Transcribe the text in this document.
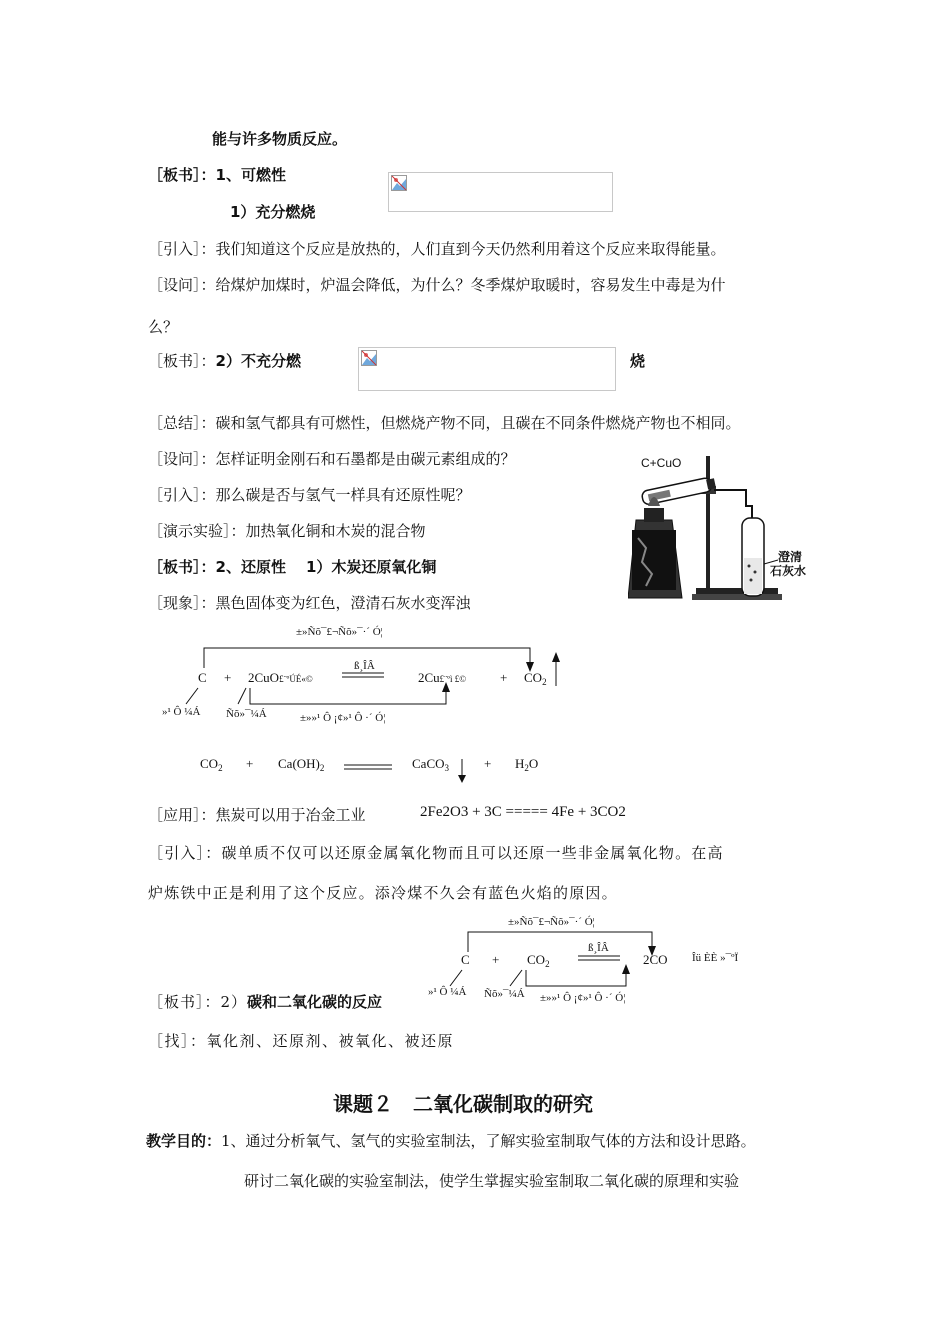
能与许多物质反应。
［板书］：1、可燃性
1）充分燃烧
［引入］：我们知道这个反应是放热的，人们直到今天仍然利用着这个反应来取得能量。
［设问］：给煤炉加煤时，炉温会降低，为什么？冬季煤炉取暖时，容易发生中毒是为什
么？
［板书］：2）不充分燃	烧
［总结］：碳和氢气都具有可燃性，但燃烧产物不同，且碳在不同条件燃烧产物也不相同。
［设问］：怎样证明金刚石和石墨都是由碳元素组成的？
［引入］：那么碳是否与氢气一样具有还原性呢？
［演示实验］：加热氧化铜和木炭的混合物
［板书］：2、还原性 1）木炭还原氧化铜
［现象］：黑色固体变为红色，澄清石灰水变浑浊
C+CuO
澄清
石灰水
±»Ñõ¯£¬Ñõ»¯·´ Ó¦
C + 2CuO£¨ºÚÉ«©
ß¸ÎÂ
2Cu£¨ºì £©	+ $CO_2$
»¹ Ô ¼Á Ñõ»¯¼Á	±»»¹ Ô ¡¢»¹ Ô ·´ Ó¦
$CO_2 + Ca(OH)_2$	CaCO$_3$	+ $H_2O$
［应用］：焦炭可以用于冶金工业	2Fe2O3 + 3C ===== 4Fe + 3CO2
［引入］：碳单质不仅可以还原金属氧化物而且可以还原一些非金属氧化物。在高
炉炼铁中正是利用了这个反应。添冷煤不久会有蓝色火焰的原因。
±»Ñõ¯£¬Ñõ»¯·´ Ó¦
$C + CO_2$
ß¸ÎÂ
2CO Îü ÈÈ »¯ºÏ
»¹ Ô ¼Á Ñõ»¯¼Á ±»»¹ Ô ¡¢»¹ Ô ·´ Ó¦
［板书］：2）碳和二氧化碳的反应
［找］：氧化剂、还原剂、被氧化、被还原
课题２　二氧化碳制取的研究
教学目的：1、通过分析氧气、氢气的实验室制法，了解实验室制取气体的方法和设计思路。
研讨二氧化碳的实验室制法，使学生掌握实验室制取二氧化碳的原理和实验
